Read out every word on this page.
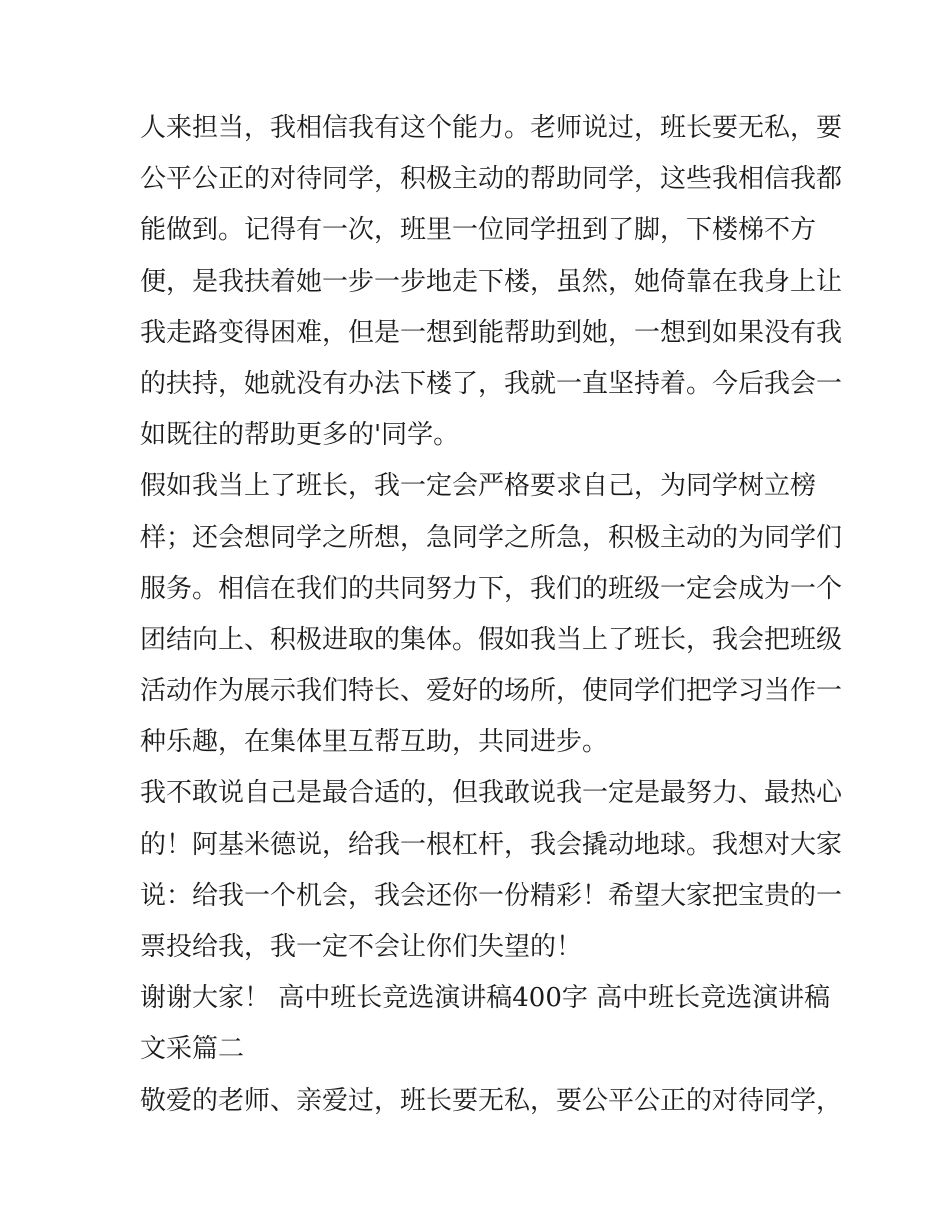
人来担当，我相信我有这个能力。老师说过，班长要无私，要
公平公正的对待同学，积极主动的帮助同学，这些我相信我都
能做到。记得有一次，班里一位同学扭到了脚，下楼梯不方
便，是我扶着她一步一步地走下楼，虽然，她倚靠在我身上让
我走路变得困难，但是一想到能帮助到她，一想到如果没有我
的扶持，她就没有办法下楼了，我就一直坚持着。今后我会一
如既往的帮助更多的'同学。
假如我当上了班长，我一定会严格要求自己，为同学树立榜
样；还会想同学之所想，急同学之所急，积极主动的为同学们
服务。相信在我们的共同努力下，我们的班级一定会成为一个
团结向上、积极进取的集体。假如我当上了班长，我会把班级
活动作为展示我们特长、爱好的场所，使同学们把学习当作一
种乐趣，在集体里互帮互助，共同进步。
我不敢说自己是最合适的，但我敢说我一定是最努力、最热心
的！阿基米德说，给我一根杠杆，我会撬动地球。我想对大家
说：给我一个机会，我会还你一份精彩！希望大家把宝贵的一
票投给我，我一定不会让你们失望的！
谢谢大家！ 高中班长竞选演讲稿400字 高中班长竞选演讲稿
文采篇二
敬爱的老师、亲爱过，班长要无私，要公平公正的对待同学，
